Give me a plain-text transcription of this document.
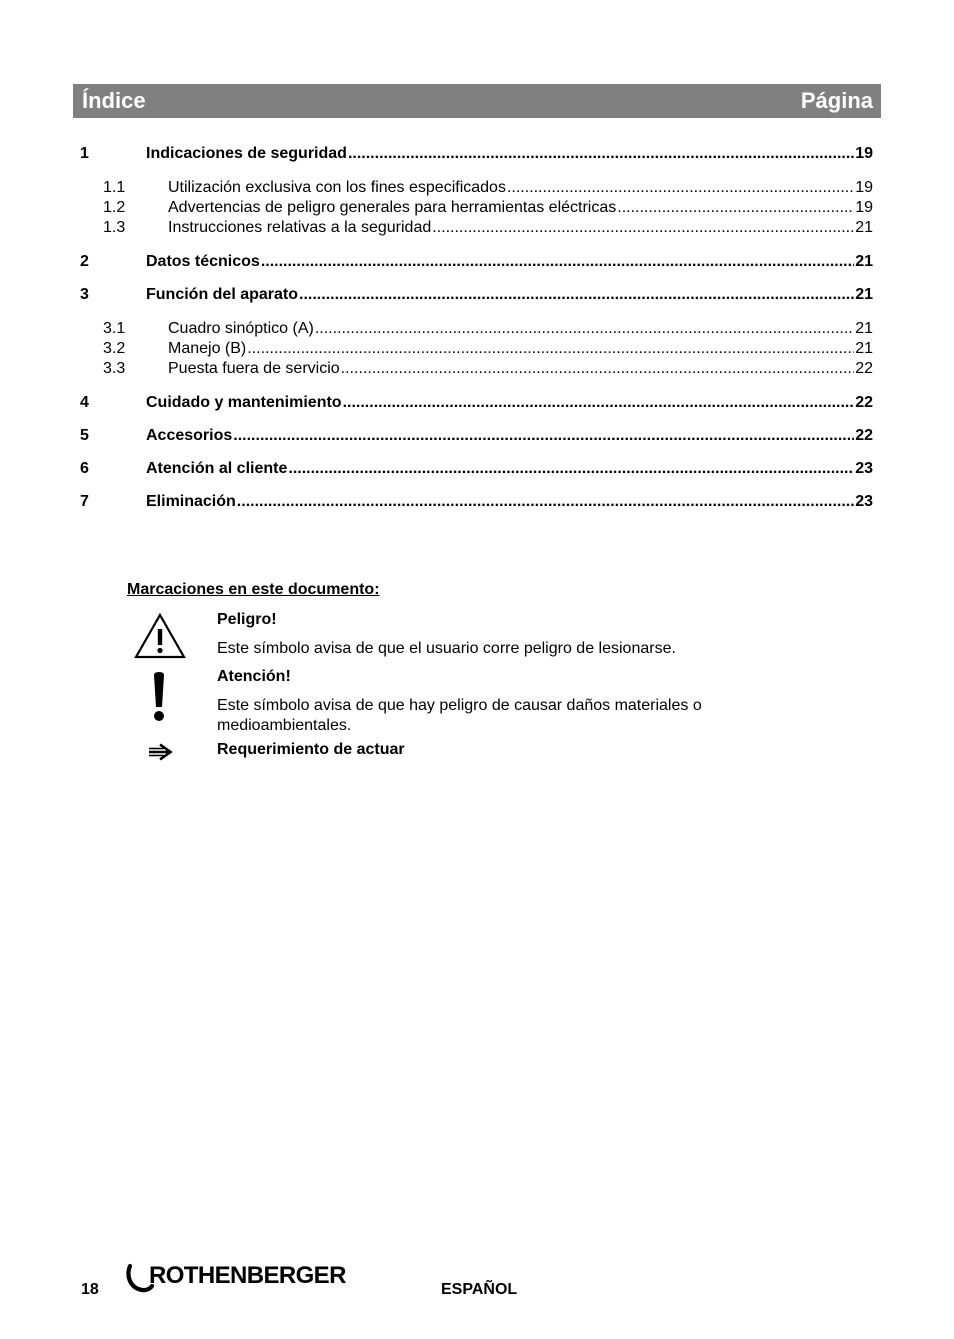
Índice	Página
1	Indicaciones de seguridad .....	19
1.1	Utilización exclusiva con los fines especificados .....	19
1.2	Advertencias de peligro generales para herramientas eléctricas .....	19
1.3	Instrucciones relativas a la seguridad .....	21
2	Datos técnicos .....	21
3	Función del aparato .....	21
3.1	Cuadro sinóptico (A) .....	21
3.2	Manejo (B) .....	21
3.3	Puesta fuera de servicio .....	22
4	Cuidado y mantenimiento .....	22
5	Accesorios .....	22
6	Atención al cliente .....	23
7	Eliminación .....	23
Marcaciones en este documento:
Peligro!
Este símbolo avisa de que el usuario corre peligro de lesionarse.
Atención!
Este símbolo avisa de que hay peligro de causar daños materiales o
medioambientales.
Requerimiento de actuar
18
ROTHENBERGER
ESPAÑOL
